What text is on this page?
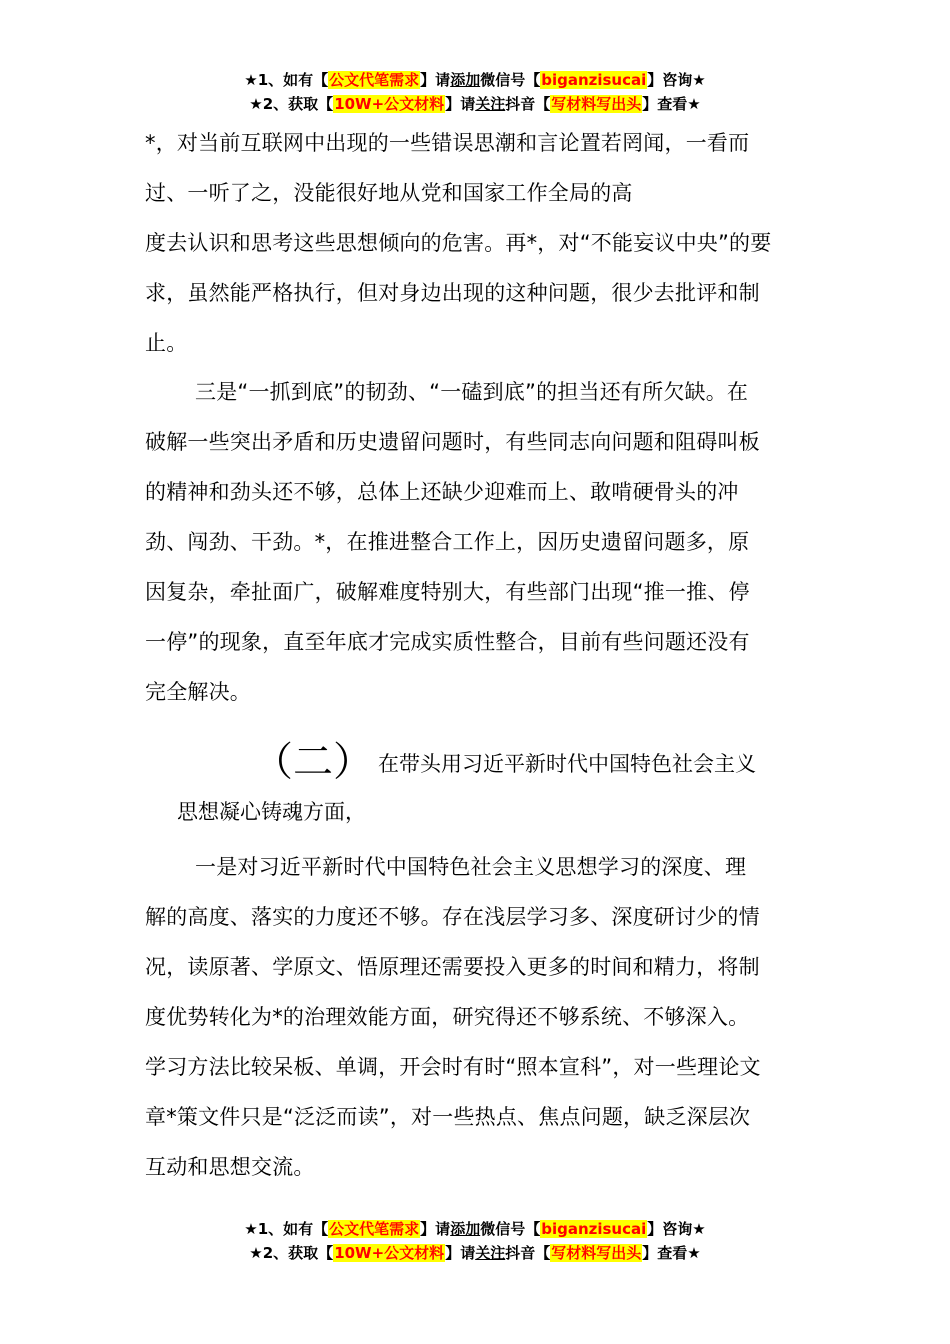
★1、如有【公文代笔需求】请添加微信号【biganzisucai】咨询★
★2、获取【10W+公文材料】请关注抖音【写材料写出头】查看★
*，对当前互联网中出现的一些错误思潮和言论置若罔闻，一看而
过、一听了之，没能很好地从党和国家工作全局的高
度去认识和思考这些思想倾向的危害。再*，对“不能妄议中央”的要
求，虽然能严格执行，但对身边出现的这种问题，很少去批评和制
止。
三是“一抓到底”的韧劲、“一磕到底”的担当还有所欠缺。在
破解一些突出矛盾和历史遗留问题时，有些同志向问题和阻碍叫板
的精神和劲头还不够，总体上还缺少迎难而上、敢啃硬骨头的冲
劲、闯劲、干劲。*，在推进整合工作上，因历史遗留问题多，原
因复杂，牵扯面广，破解难度特别大，有些部门出现“推一推、停
一停”的现象，直至年底才完成实质性整合，目前有些问题还没有
完全解决。
（二） 在带头用习近平新时代中国特色社会主义
思想凝心铸魂方面，
一是对习近平新时代中国特色社会主义思想学习的深度、理
解的高度、落实的力度还不够。存在浅层学习多、深度研讨少的情
况，读原著、学原文、悟原理还需要投入更多的时间和精力，将制
度优势转化为*的治理效能方面，研究得还不够系统、不够深入。
学习方法比较呆板、单调，开会时有时“照本宣科”，对一些理论文
章*策文件只是“泛泛而读”，对一些热点、焦点问题，缺乏深层次
互动和思想交流。
★1、如有【公文代笔需求】请添加微信号【biganzisucai】咨询★
★2、获取【10W+公文材料】请关注抖音【写材料写出头】查看★
